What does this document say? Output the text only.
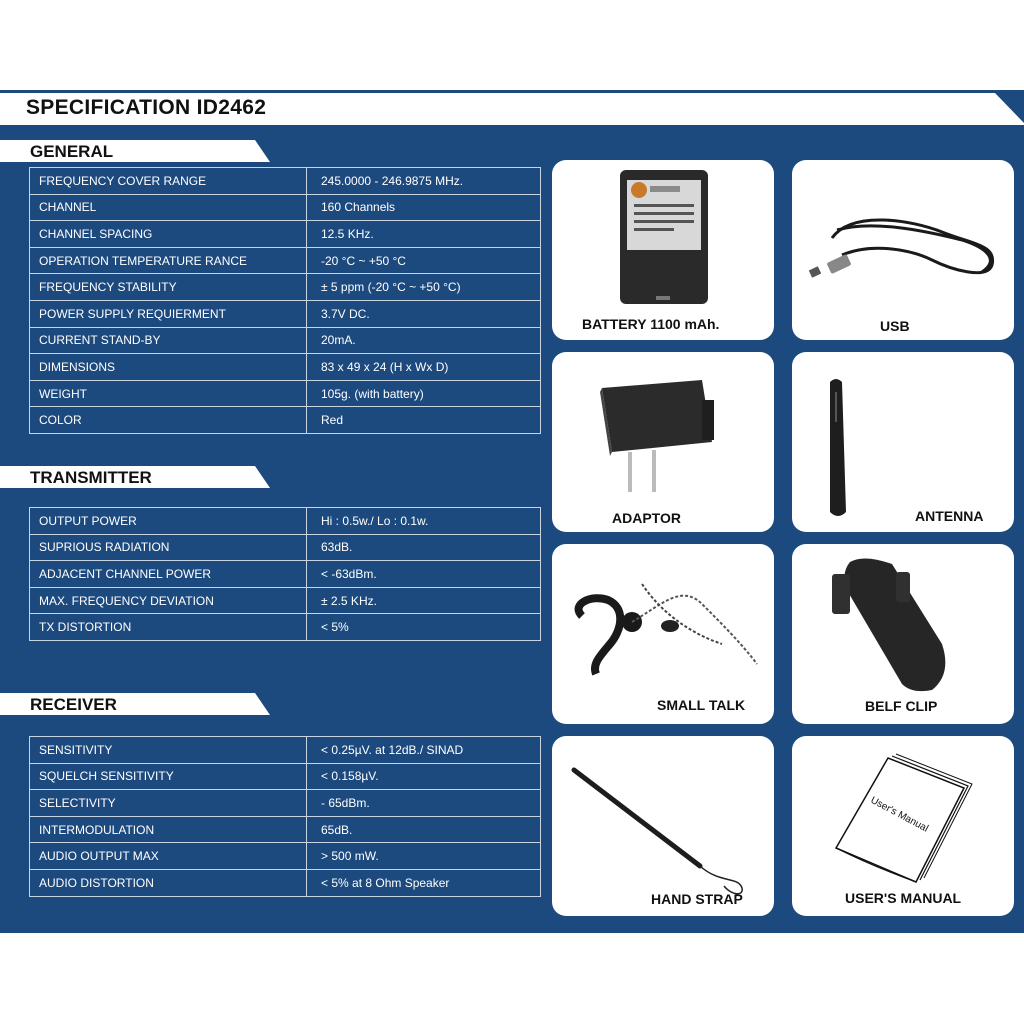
SPECIFICATION ID2462
GENERAL
FREQUENCY COVER RANGE	245.0000 - 246.9875 MHz.
CHANNEL	160 Channels
CHANNEL SPACING	12.5 KHz.
OPERATION TEMPERATURE RANCE	-20 °C ~ +50 °C
FREQUENCY STABILITY	± 5 ppm (-20 °C ~ +50 °C)
POWER SUPPLY REQUIERMENT	3.7V DC.
CURRENT STAND-BY	20mA.
DIMENSIONS	83 x 49 x 24 (H x Wx D)
WEIGHT	105g. (with battery)
COLOR	Red
TRANSMITTER
OUTPUT POWER	Hi : 0.5w./ Lo : 0.1w.
SUPRIOUS RADIATION	63dB.
ADJACENT CHANNEL POWER	< -63dBm.
MAX. FREQUENCY DEVIATION	± 2.5 KHz.
TX DISTORTION	< 5%
RECEIVER
SENSITIVITY	< 0.25µV. at 12dB./ SINAD
SQUELCH SENSITIVITY	< 0.158µV.
SELECTIVITY	- 65dBm.
INTERMODULATION	65dB.
AUDIO OUTPUT MAX	> 500 mW.
AUDIO DISTORTION	< 5% at 8 Ohm Speaker
BATTERY 1100 mAh.	USB
ADAPTOR	ANTENNA
SMALL TALK	BELF CLIP
HAND STRAP
User's Manual
USER'S MANUAL
